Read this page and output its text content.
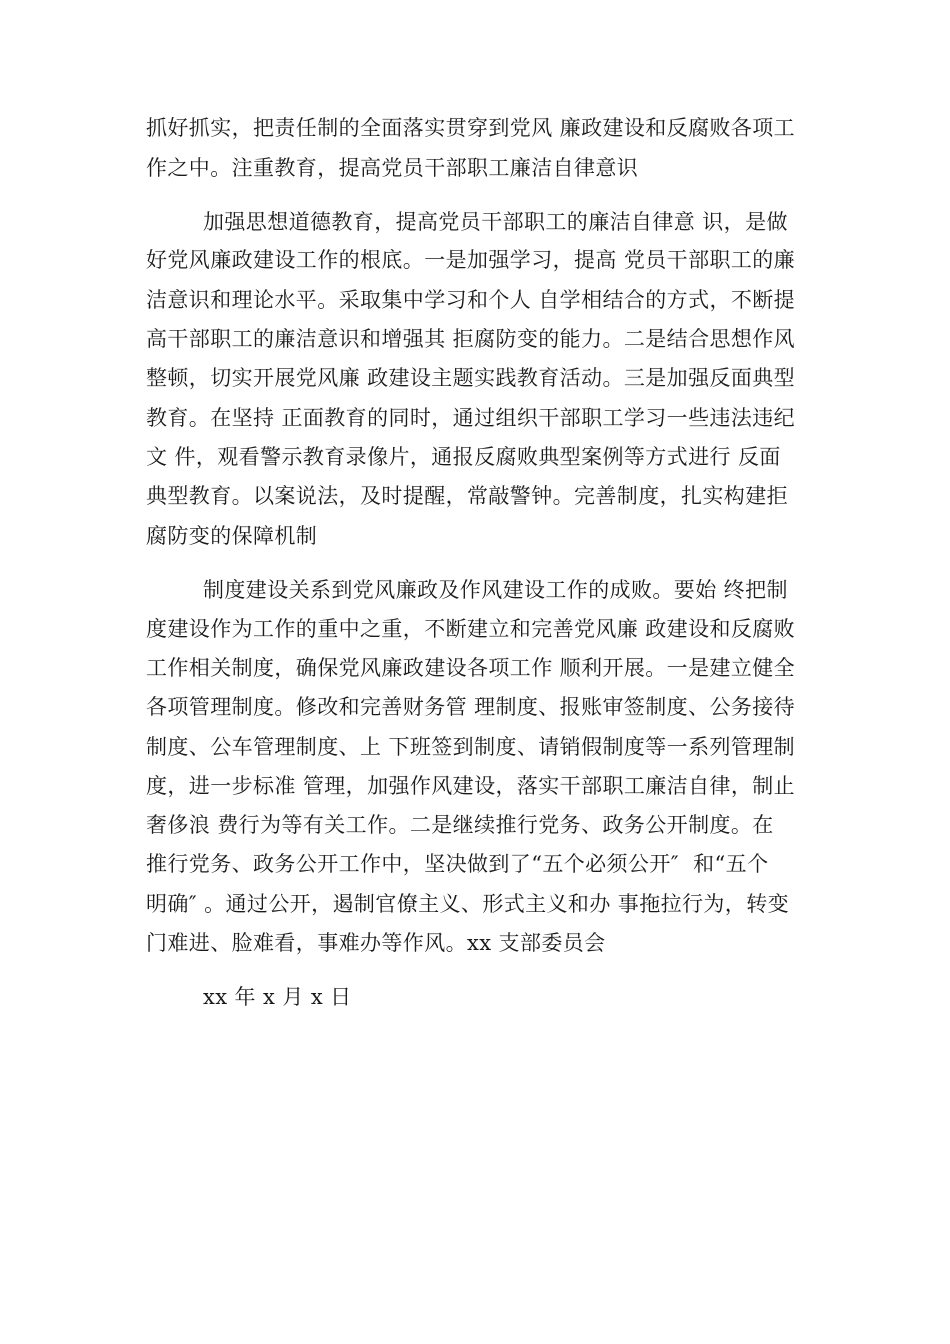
抓好抓实，把责任制的全面落实贯穿到党风 廉政建设和反腐败各项工
作之中。注重教育，提高党员干部职工廉洁自律意识
加强思想道德教育，提高党员干部职工的廉洁自律意 识，是做
好党风廉政建设工作的根底。一是加强学习，提高 党员干部职工的廉
洁意识和理论水平。采取集中学习和个人 自学相结合的方式，不断提
高干部职工的廉洁意识和增强其 拒腐防变的能力。二是结合思想作风
整顿，切实开展党风廉 政建设主题实践教育活动。三是加强反面典型
教育。在坚持 正面教育的同时，通过组织干部职工学习一些违法违纪
文 件，观看警示教育录像片，通报反腐败典型案例等方式进行 反面
典型教育。以案说法，及时提醒，常敲警钟。完善制度，扎实构建拒
腐防变的保障机制
制度建设关系到党风廉政及作风建设工作的成败。要始 终把制
度建设作为工作的重中之重，不断建立和完善党风廉 政建设和反腐败
工作相关制度，确保党风廉政建设各项工作 顺利开展。一是建立健全
各项管理制度。修改和完善财务管 理制度、报账审签制度、公务接待
制度、公车管理制度、上 下班签到制度、请销假制度等一系列管理制
度，进一步标准 管理，加强作风建设，落实干部职工廉洁自律，制止
奢侈浪 费行为等有关工作。二是继续推行党务、政务公开制度。在
推行党务、政务公开工作中，坚决做到了“五个必须公开″  和“五个
明确″ 。通过公开，遏制官僚主义、形式主义和办 事拖拉行为，转变
门难进、脸难看，事难办等作风。xx 支部委员会
xx 年 x 月 x 日
